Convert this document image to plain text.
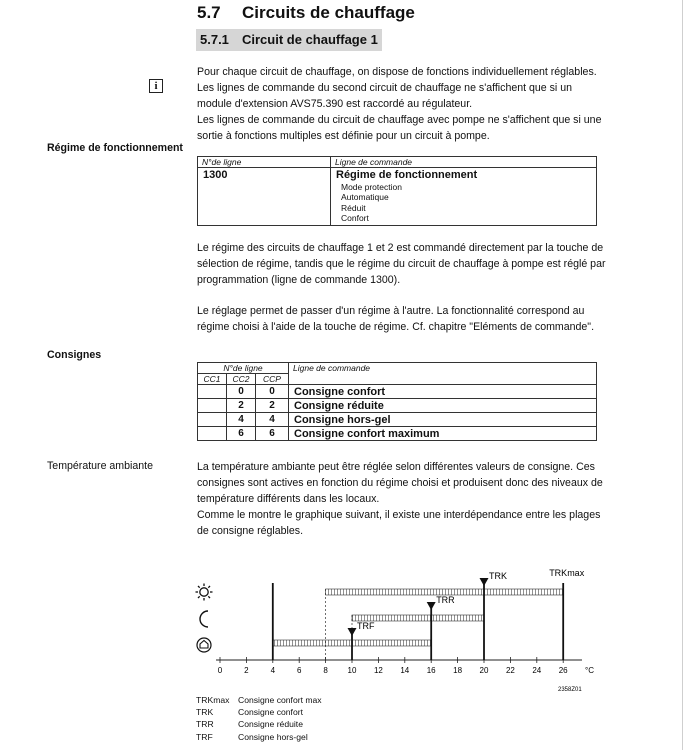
5.7 Circuits de chauffage
5.7.1 Circuit de chauffage 1
i
Pour chaque circuit de chauffage, on dispose de fonctions individuellement réglables.
Les lignes de commande du second circuit de chauffage ne s'affichent que si un
module d'extension AVS75.390 est raccordé au régulateur.
Les lignes de commande du circuit de chauffage avec pompe ne s'affichent que si une
sortie à fonctions multiples est définie pour un circuit à pompe.
Régime de fonctionnement
N°de ligne	Ligne de commande
1300	Régime de fonctionnement
Mode protection
Automatique
Réduit
Confort
Le régime des circuits de chauffage 1 et 2 est commandé directement par la touche de
sélection de régime, tandis que le régime du circuit de chauffage à pompe est réglé par
programmation (ligne de commande 1300).
Le réglage permet de passer d'un régime à l'autre. La fonctionnalité correspond au
régime choisi à l'aide de la touche de régime. Cf. chapitre "Eléments de commande".
Consignes
N°de ligne			Ligne de commande
CC1	CC2	CCP	
	0	0	Consigne confort
	2	2	Consigne réduite
	4	4	Consigne hors-gel
	6	6	Consigne confort maximum
Température ambiante	La température ambiante peut être réglée selon différentes valeurs de consigne. Ces
consignes sont actives en fonction du régime choisi et produisent donc des niveaux de
température différents dans les locaux.
Comme le montre le graphique suivant, il existe une interdépendance entre les plages
de consigne réglables.
0	2	4	6	8 10 12 14 16 18 20 22 24 26
TRKmax
TRK
TRR
TRF
°C
2358Z01
TRKmax Consigne confort max
TRK	Consigne confort
TRR	Consigne réduite
TRF	Consigne hors-gel
